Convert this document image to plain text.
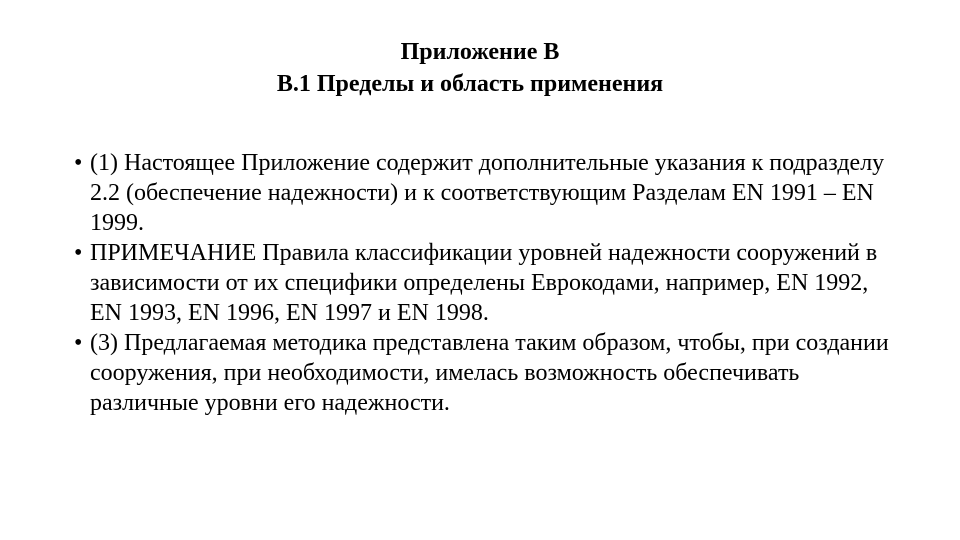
Приложение B
B.1 Пределы и область применения
• (1) Настоящее Приложение содержит дополнительные указания к подразделу 2.2 (обеспечение надежности) и к соответствующим Разделам EN 1991 – EN 1999.
• ПРИМЕЧАНИЕ Правила классификации уровней надежности сооружений в зависимости от их специфики определены Еврокодами, например, EN 1992, EN 1993, EN 1996, EN 1997 и EN 1998.
• (3) Предлагаемая методика представлена таким образом, чтобы, при создании сооружения, при необходимости, имелась возможность обеспечивать различные уровни его надежности.
